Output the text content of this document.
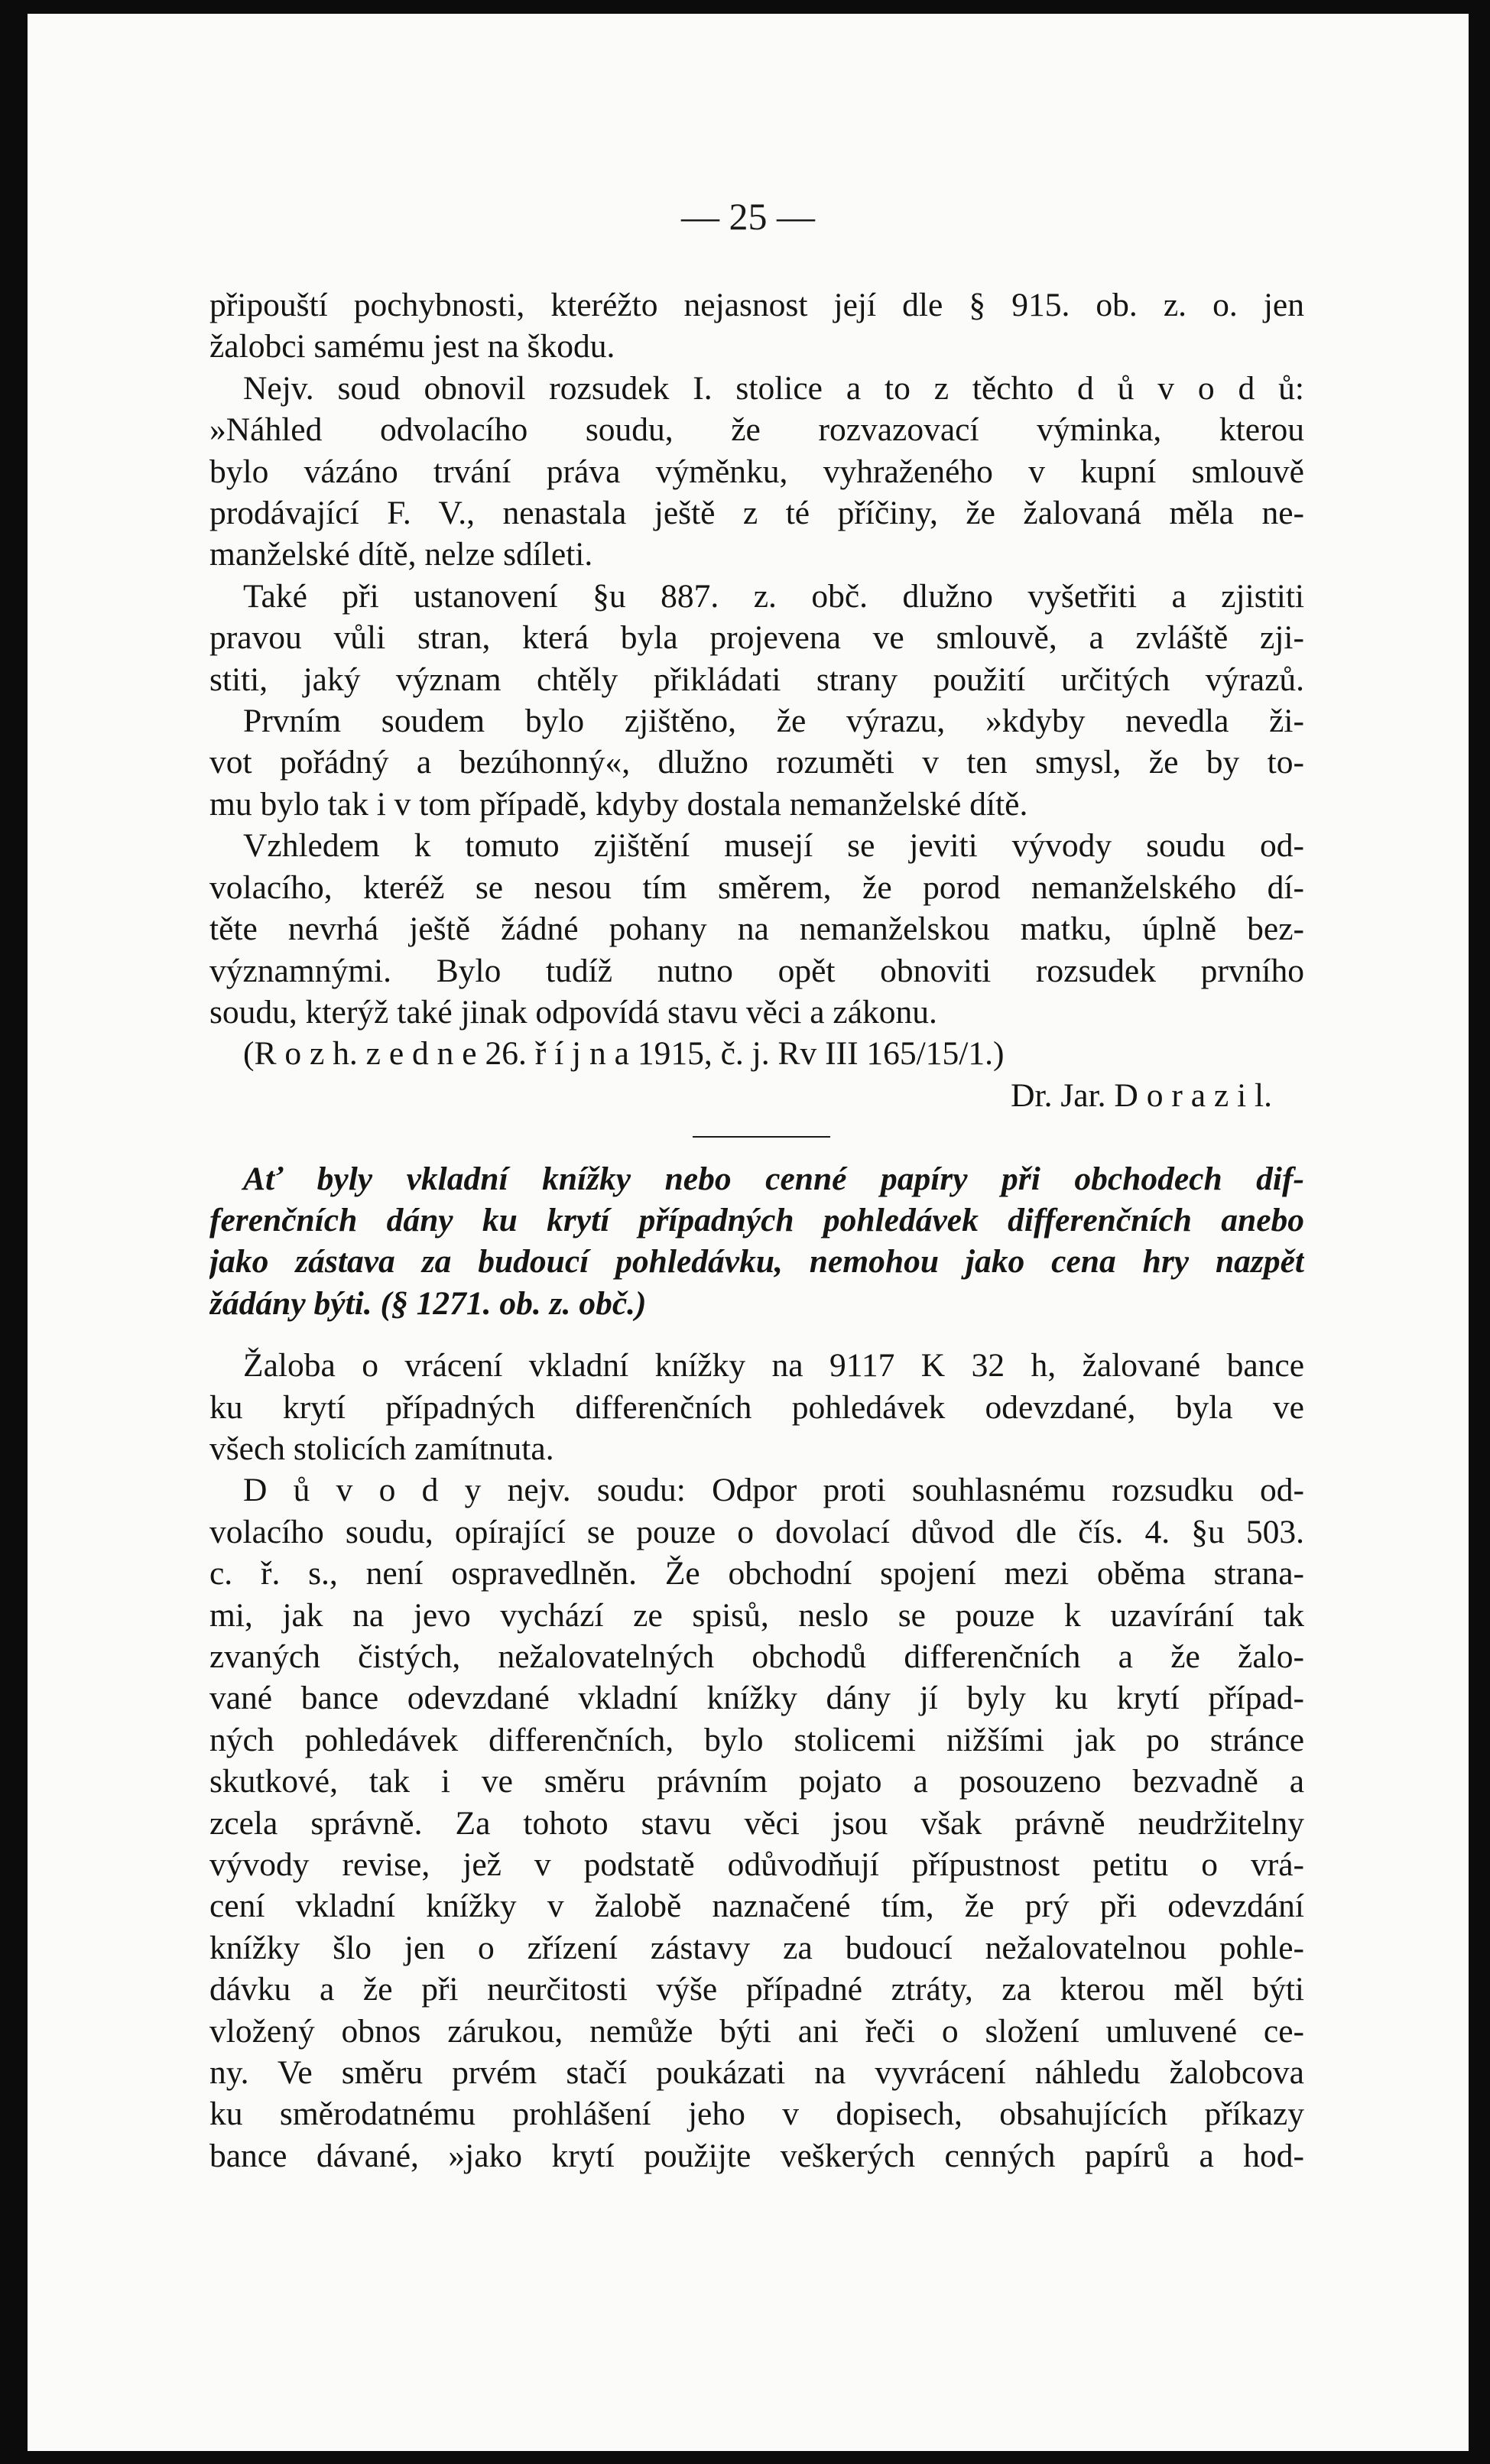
— 25 —
připouští pochybnosti, kteréžto nejasnost její dle § 915. ob. z. o. jen
žalobci samému jest na škodu.
Nejv. soud obnovil rozsudek I. stolice a to z těchto d ů v o d ů:
»Náhled odvolacího soudu, že rozvazovací výminka, kterou
bylo vázáno trvání práva výměnku, vyhraženého v kupní smlouvě
prodávající F. V., nenastala ještě z té příčiny, že žalovaná měla ne-
manželské dítě, nelze sdíleti.
Také při ustanovení §u 887. z. obč. dlužno vyšetřiti a zjistiti
pravou vůli stran, která byla projevena ve smlouvě, a zvláště zji-
stiti, jaký význam chtěly přikládati strany použití určitých výrazů.
Prvním soudem bylo zjištěno, že výrazu, »kdyby nevedla ži-
vot pořádný a bezúhonný«, dlužno rozuměti v ten smysl, že by to-
mu bylo tak i v tom případě, kdyby dostala nemanželské dítě.
Vzhledem k tomuto zjištění musejí se jeviti vývody soudu od-
volacího, kteréž se nesou tím směrem, že porod nemanželského dí-
těte nevrhá ještě žádné pohany na nemanželskou matku, úplně bez-
významnými. Bylo tudíž nutno opět obnoviti rozsudek prvního
soudu, kterýž také jinak odpovídá stavu věci a zákonu.
(R o z h. z e d n e 26. ř í j n a 1915, č. j. Rv III 165/15/1.)
Dr. Jar. D o r a z i l.
Ať byly vkladní knížky nebo cenné papíry při obchodech dif-
ferenčních dány ku krytí případných pohledávek differenčních anebo
jako zástava za budoucí pohledávku, nemohou jako cena hry nazpět
žádány býti. (§ 1271. ob. z. obč.)
Žaloba o vrácení vkladní knížky na 9117 K 32 h, žalované bance
ku krytí případných differenčních pohledávek odevzdané, byla ve
všech stolicích zamítnuta.
D ů v o d y nejv. soudu: Odpor proti souhlasnému rozsudku od-
volacího soudu, opírající se pouze o dovolací důvod dle čís. 4. §u 503.
c. ř. s., není ospravedlněn. Že obchodní spojení mezi oběma strana-
mi, jak na jevo vychází ze spisů, neslo se pouze k uzavírání tak
zvaných čistých, nežalovatelných obchodů differenčních a že žalo-
vané bance odevzdané vkladní knížky dány jí byly ku krytí případ-
ných pohledávek differenčních, bylo stolicemi nižšími jak po stránce
skutkové, tak i ve směru právním pojato a posouzeno bezvadně a
zcela správně. Za tohoto stavu věci jsou však právně neudržitelny
vývody revise, jež v podstatě odůvodňují přípustnost petitu o vrá-
cení vkladní knížky v žalobě naznačené tím, že prý při odevzdání
knížky šlo jen o zřízení zástavy za budoucí nežalovatelnou pohle-
dávku a že při neurčitosti výše případné ztráty, za kterou měl býti
vložený obnos zárukou, nemůže býti ani řeči o složení umluvené ce-
ny. Ve směru prvém stačí poukázati na vyvrácení náhledu žalobcova
ku směrodatnému prohlášení jeho v dopisech, obsahujících příkazy
bance dávané, »jako krytí použijte veškerých cenných papírů a hod-
